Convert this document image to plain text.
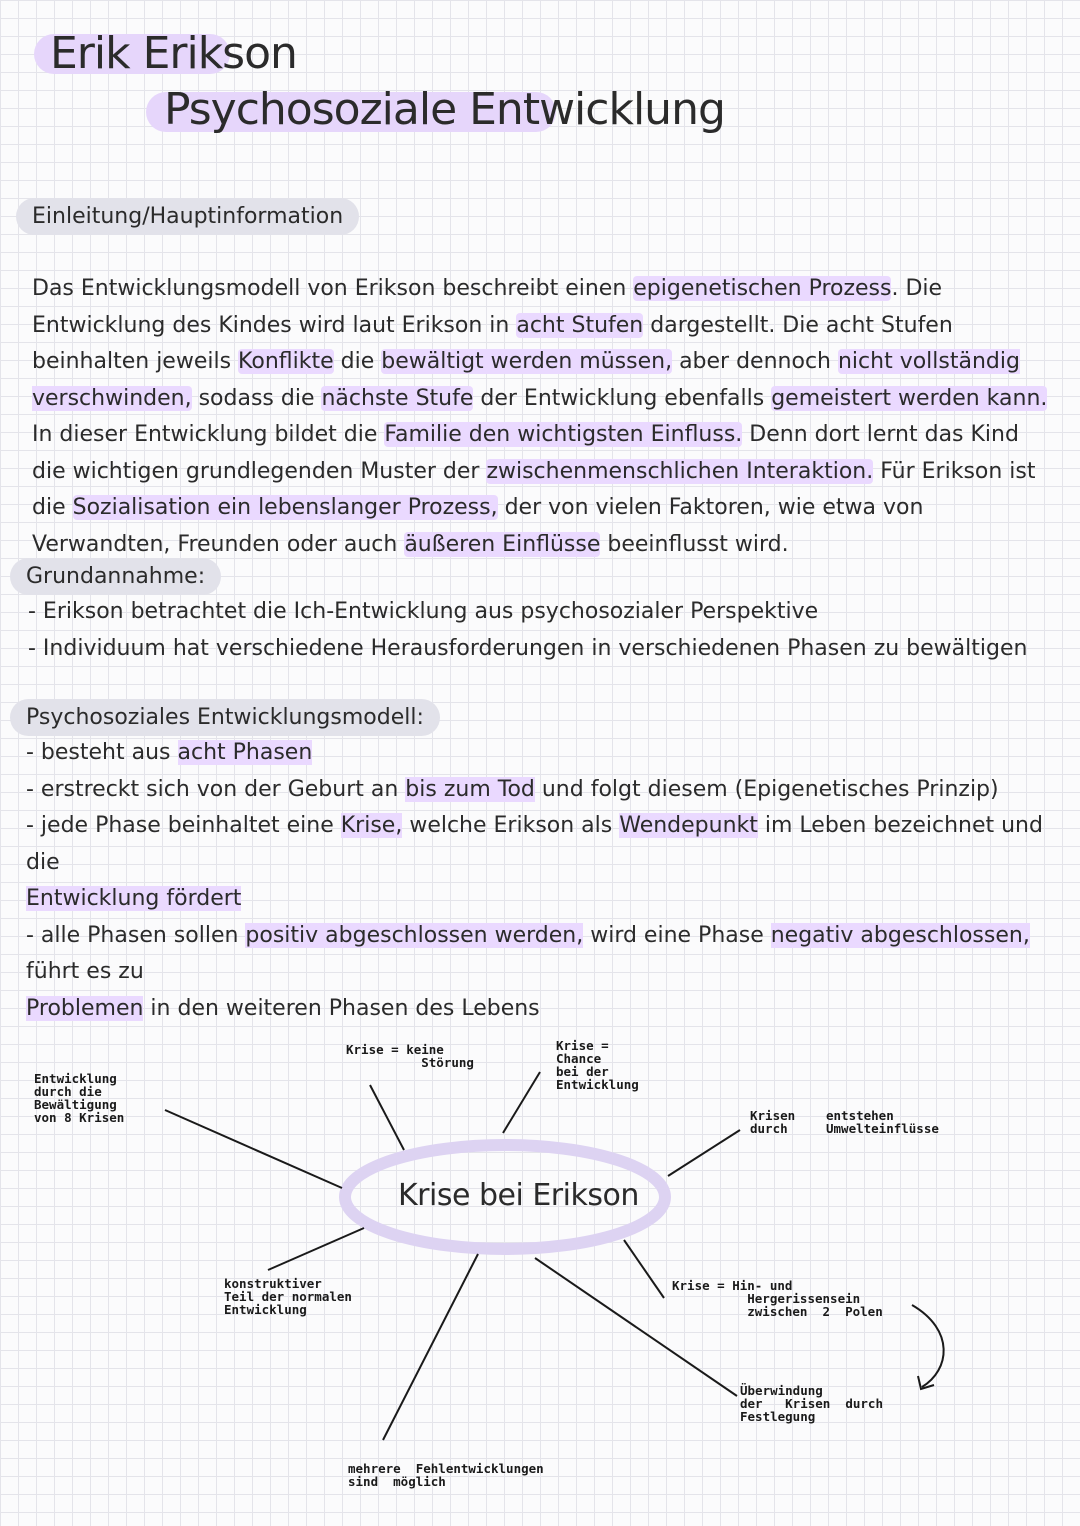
Erik Erikson
Psychosoziale Entwicklung
Einleitung/Hauptinformation
Das Entwicklungsmodell von Erikson beschreibt einen epigenetischen Prozess. Die Entwicklung des Kindes wird laut Erikson in acht Stufen dargestellt. Die acht Stufen beinhalten jeweils Konflikte die bewältigt werden müssen, aber dennoch nicht vollständig verschwinden, sodass die nächste Stufe der Entwicklung ebenfalls gemeistert werden kann. In dieser Entwicklung bildet die Familie den wichtigsten Einfluss. Denn dort lernt das Kind die wichtigen grundlegenden Muster der zwischenmenschlichen Interaktion. Für Erikson ist die Sozialisation ein lebenslanger Prozess, der von vielen Faktoren, wie etwa von Verwandten, Freunden oder auch äußeren Einflüsse beeinflusst wird.
Grundannahme:
- Erikson betrachtet die Ich-Entwicklung aus psychosozialer Perspektive
- Individuum hat verschiedene Herausforderungen in verschiedenen Phasen zu bewältigen
Psychosoziales Entwicklungsmodell:
- besteht aus acht Phasen
- erstreckt sich von der Geburt an bis zum Tod und folgt diesem (Epigenetisches Prinzip)
- jede Phase beinhaltet eine Krise, welche Erikson als Wendepunkt im Leben bezeichnet und die
Entwicklung fördert
- alle Phasen sollen positiv abgeschlossen werden, wird eine Phase negativ abgeschlossen, führt es zu
Problemen in den weiteren Phasen des Lebens
Krise bei Erikson
Entwicklung
durch die
Bewältigung
von 8 Krisen
Krise = keine
Störung
Krise =
Chance
bei der
Entwicklung
Krisen
durch
entstehen
Umwelteinflüsse
konstruktiver
Teil der normalen
Entwicklung
Krise = Hin- und
Hergerissensein
zwischen  2  Polen
Überwindung
der   Krisen  durch
Festlegung
mehrere  Fehlentwicklungen
sind  möglich
